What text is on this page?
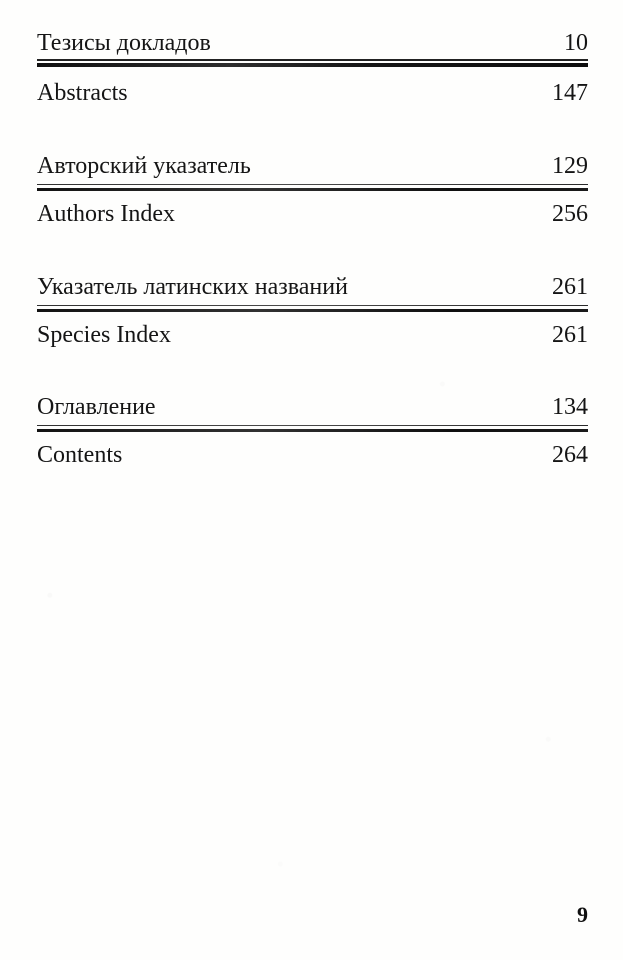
Тезисы докладов	10
Abstracts	147
Авторский указатель	129
Authors Index	256
Указатель латинских названий	261
Species Index	261
Оглавление	134
Contents	264
9
